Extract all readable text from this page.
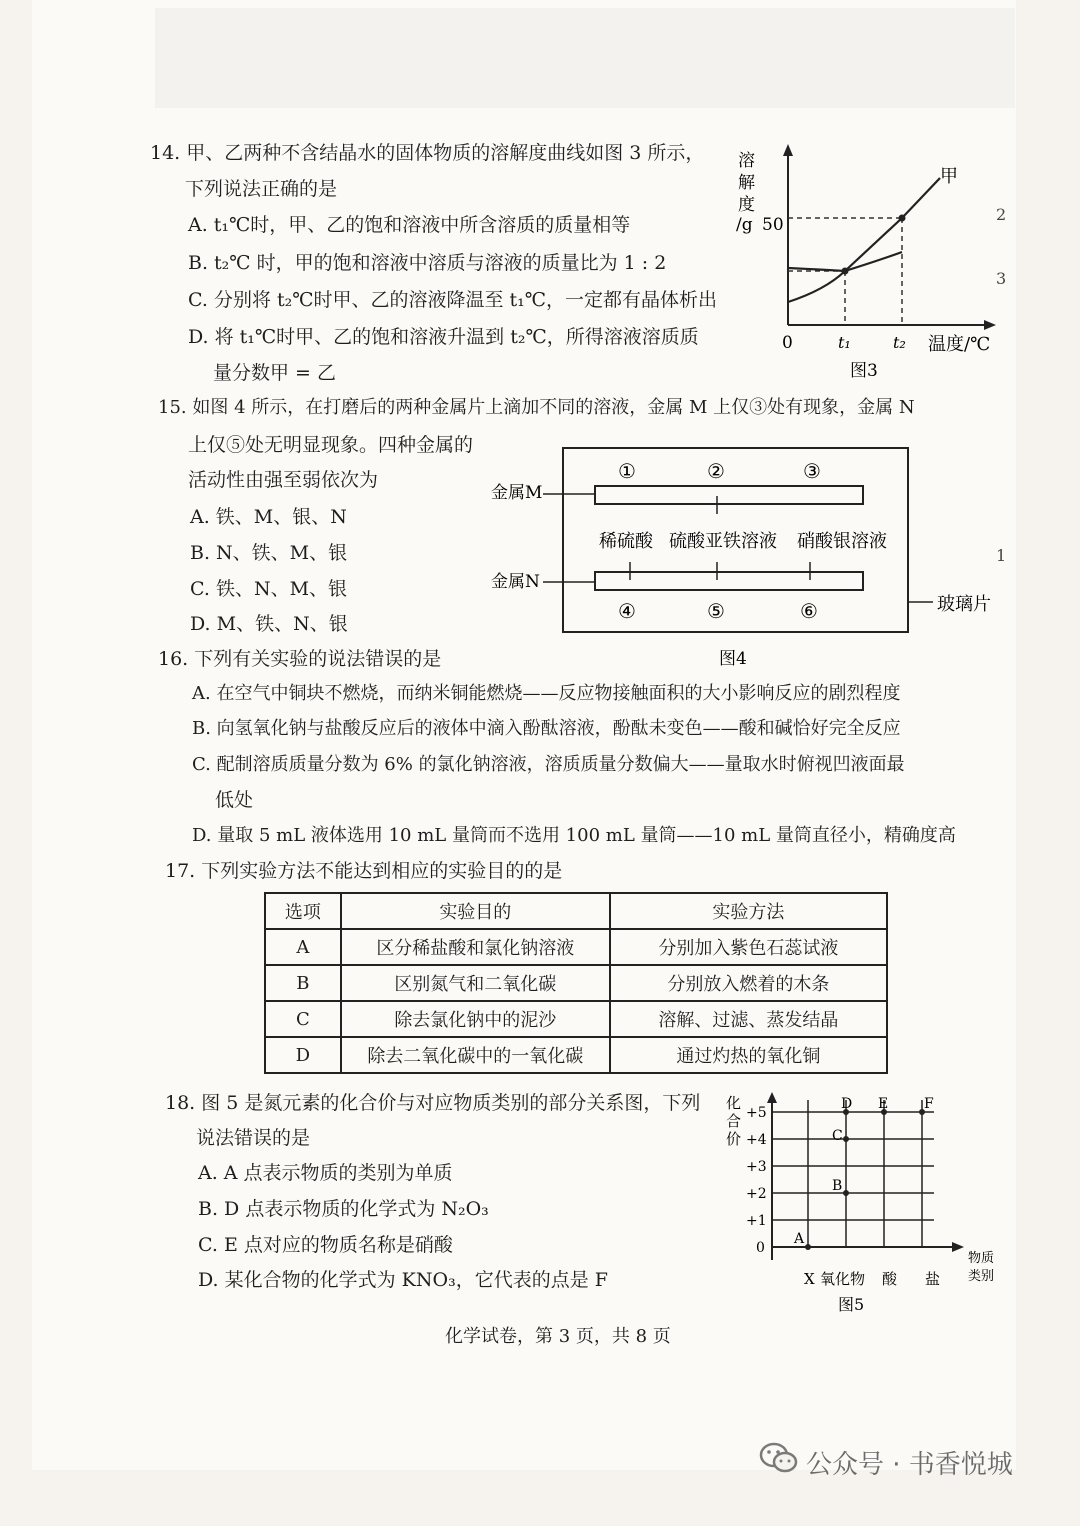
14. 甲、乙两种不含结晶水的固体物质的溶解度曲线如图 3 所示，
下列说法正确的是
A. t₁℃时，甲、乙的饱和溶液中所含溶质的质量相等
B. t₂℃ 时，甲的饱和溶液中溶质与溶液的质量比为 1 : 2
C. 分别将 t₂℃时甲、乙的溶液降温至 t₁℃，一定都有晶体析出
D. 将 t₁℃时甲、乙的饱和溶液升温到 t₂℃，所得溶液溶质质
量分数甲 = 乙
溶
解
度
/g 50
0	t₁	t₂ 温度/℃
甲
图3
2
3
1
15. 如图 4 所示，在打磨后的两种金属片上滴加不同的溶液，金属 M 上仅③处有现象，金属 N
上仅⑤处无明显现象。四种金属的
活动性由强至弱依次为
A. 铁、M、银、N
B. N、铁、M、银
C. 铁、N、M、银
D. M、铁、N、银
金属M
金属N
①	②	③
④	⑤	⑥
稀硫酸 硫酸亚铁溶液 硝酸银溶液
玻璃片
图4
16. 下列有关实验的说法错误的是
A. 在空气中铜块不燃烧，而纳米铜能燃烧——反应物接触面积的大小影响反应的剧烈程度
B. 向氢氧化钠与盐酸反应后的液体中滴入酚酞溶液，酚酞未变色——酸和碱恰好完全反应
C. 配制溶质质量分数为 6% 的氯化钠溶液，溶质质量分数偏大——量取水时俯视凹液面最
低处
D. 量取 5 mL 液体选用 10 mL 量筒而不选用 100 mL 量筒——10 mL 量筒直径小，精确度高
17. 下列实验方法不能达到相应的实验目的的是
选项	实验目的	实验方法
A	区分稀盐酸和氯化钠溶液	分别加入紫色石蕊试液
B	区别氮气和二氧化碳	分别放入燃着的木条
C	除去氯化钠中的泥沙	溶解、过滤、蒸发结晶
D	除去二氧化碳中的一氧化碳	通过灼热的氧化铜
18. 图 5 是氮元素的化合价与对应物质类别的部分关系图，下列
说法错误的是
A. A 点表示物质的类别为单质
B. D 点表示物质的化学式为 N₂O₃
C. E 点对应的物质名称是硝酸
D. 某化合物的化学式为 KNO₃，它代表的点是 F
化
合
价
+5
+4
+3
+2
+1
0
A
B
C
D E	F
X 氧化物 酸 盐
物质
类别
图5
化学试卷，第 3 页，共 8 页
公众号 · 书香悦城
